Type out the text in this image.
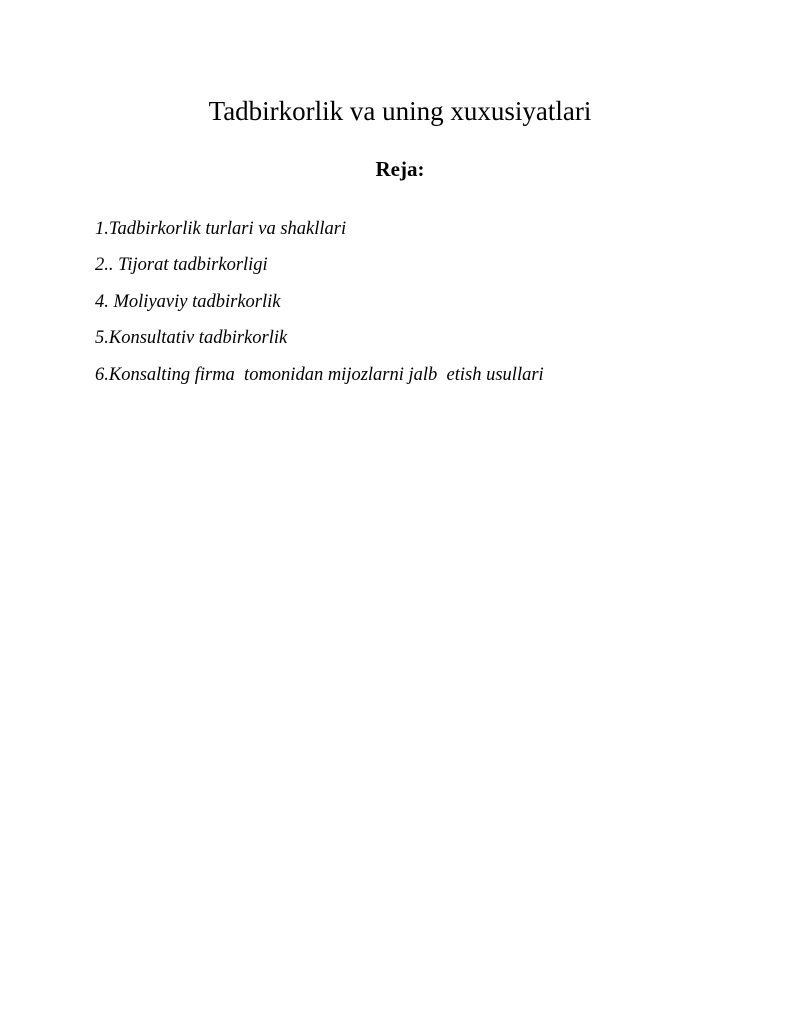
Tadbirkorlik va uning xuxusiyatlari
Reja:
1.Tadbirkorlik turlari va shakllari
2.. Tijorat tadbirkorligi
4. Moliyaviy tadbirkorlik
5.Konsultativ tadbirkorlik
6.Konsalting firma  tomonidan mijozlarni jalb  etish usullari
